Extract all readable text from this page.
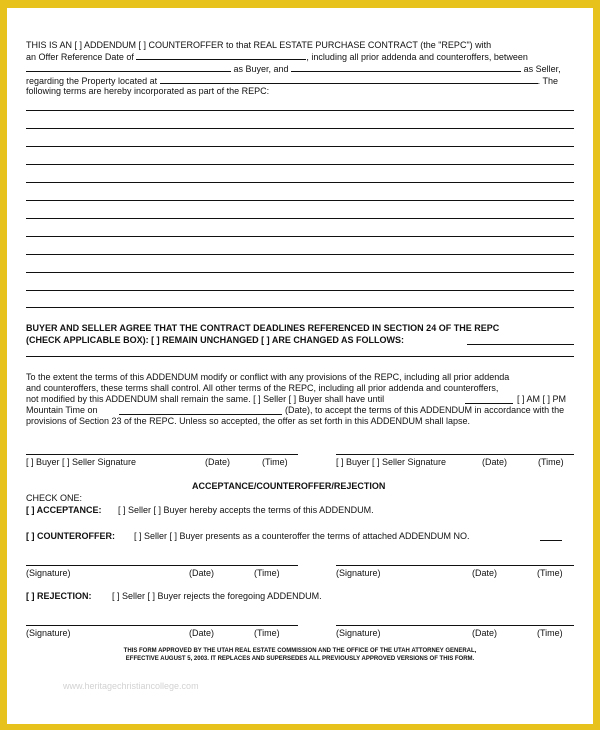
THIS IS AN [ ] ADDENDUM [ ] COUNTEROFFER to that REAL ESTATE PURCHASE CONTRACT (the "REPC") with
an Offer Reference Date of	, including all prior addenda and counteroffers, between
as Buyer, and	as Seller,
regarding the Property located at	. The
following terms are hereby incorporated as part of the REPC:
BUYER AND SELLER AGREE THAT THE CONTRACT DEADLINES REFERENCED IN SECTION 24 OF THE REPC
(CHECK APPLICABLE BOX): [ ] REMAIN UNCHANGED [ ] ARE CHANGED AS FOLLOWS:
To the extent the terms of this ADDENDUM modify or conflict with any provisions of the REPC, including all prior addenda
and counteroffers, these terms shall control. All other terms of the REPC, including all prior addenda and counteroffers,
not modified by this ADDENDUM shall remain the same. [ ] Seller [ ] Buyer shall have until	[ ] AM [ ] PM
Mountain Time on	(Date), to accept the terms of this ADDENDUM in accordance with the
provisions of Section 23 of the REPC. Unless so accepted, the offer as set forth in this ADDENDUM shall lapse.
[ ] Buyer [ ] Seller Signature	(Date)	(Time)	[ ] Buyer [ ] Seller Signature	(Date)	(Time)
ACCEPTANCE/COUNTEROFFER/REJECTION
CHECK ONE:
[ ] ACCEPTANCE: [ ] Seller [ ] Buyer hereby accepts the terms of this ADDENDUM.
[ ] COUNTEROFFER: [ ] Seller [ ] Buyer presents as a counteroffer the terms of attached ADDENDUM NO.
(Signature)	(Date)	(Time)	(Signature)	(Date)	(Time)
[ ] REJECTION: [ ] Seller [ ] Buyer rejects the foregoing ADDENDUM.
(Signature)	(Date)	(Time)	(Signature)	(Date)	(Time)
THIS FORM APPROVED BY THE UTAH REAL ESTATE COMMISSION AND THE OFFICE OF THE UTAH ATTORNEY GENERAL,
EFFECTIVE AUGUST 5, 2003. IT REPLACES AND SUPERSEDES ALL PREVIOUSLY APPROVED VERSIONS OF THIS FORM.
www.heritagechristiancollege.com
